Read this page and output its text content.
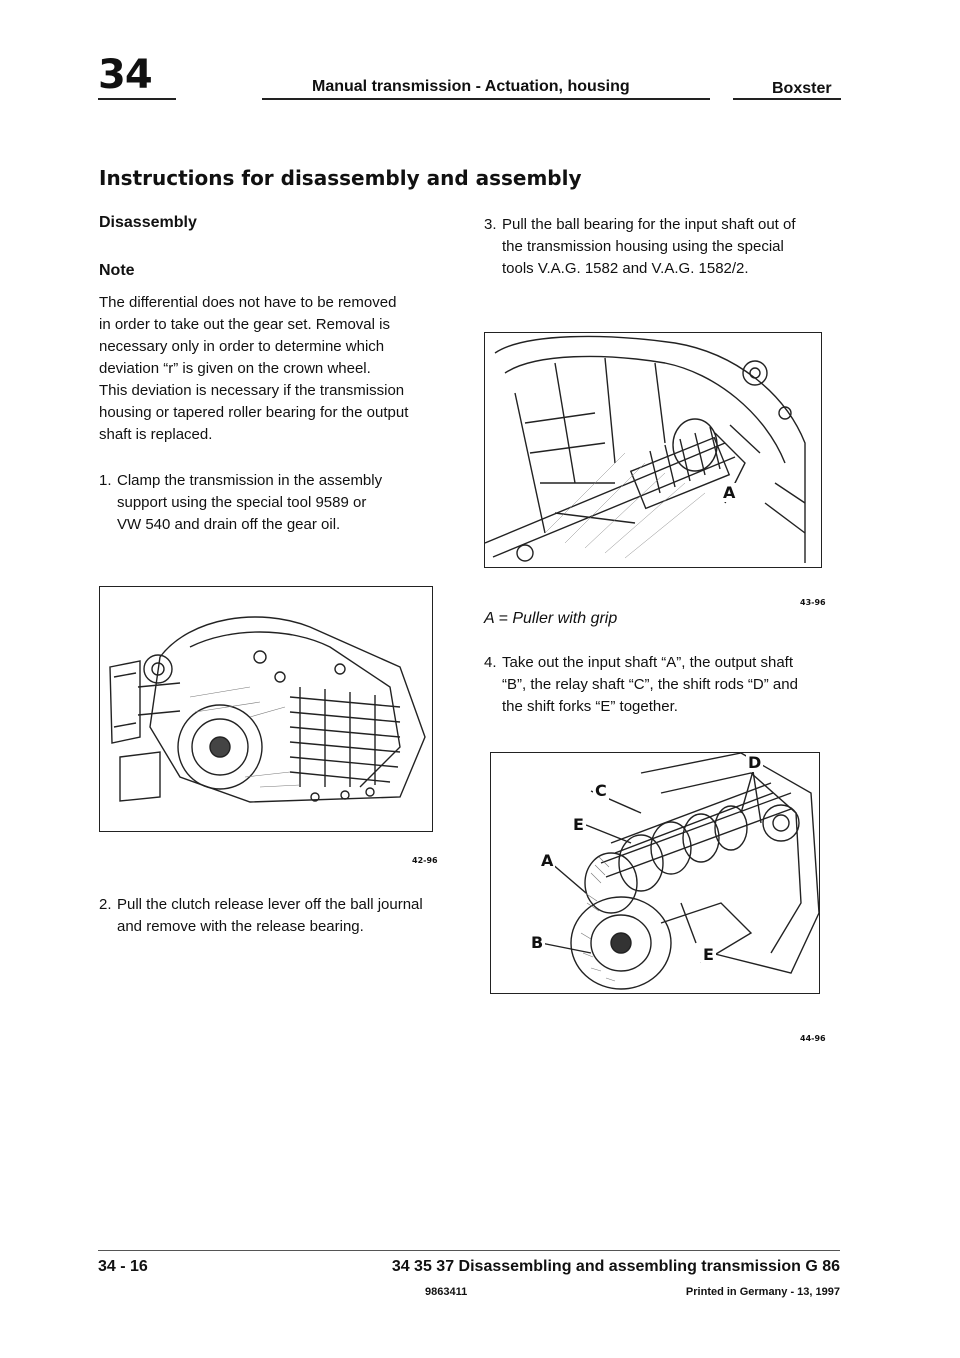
34	Manual transmission - Actuation, housing	Boxster
Instructions for disassembly and assembly
Disassembly
Note
The differential does not have to be removed
in order to take out the gear set. Removal is
necessary only in order to determine which
deviation “r” is given on the crown wheel.
This deviation is necessary if the transmission
housing or tapered roller bearing for the output
shaft is replaced.
1. Clamp the transmission in the assembly
support using the special tool 9589 or
VW 540 and drain off the gear oil.
42-96
2. Pull the clutch release lever off the ball journal
and remove with the release bearing.
3. Pull the ball bearing for the input shaft out of
the transmission housing using the special
tools V.A.G. 1582 and V.A.G. 1582/2.
A
43-96
A = Puller with grip
4. Take out the input shaft “A”, the output shaft
“B”, the relay shaft “C”, the shift rods “D” and
the shift forks “E” together.
D
C
E
A
B
E
44-96
34 - 16	34 35 37 Disassembling and assembling transmission G 86
9863411	Printed in Germany - 13, 1997
